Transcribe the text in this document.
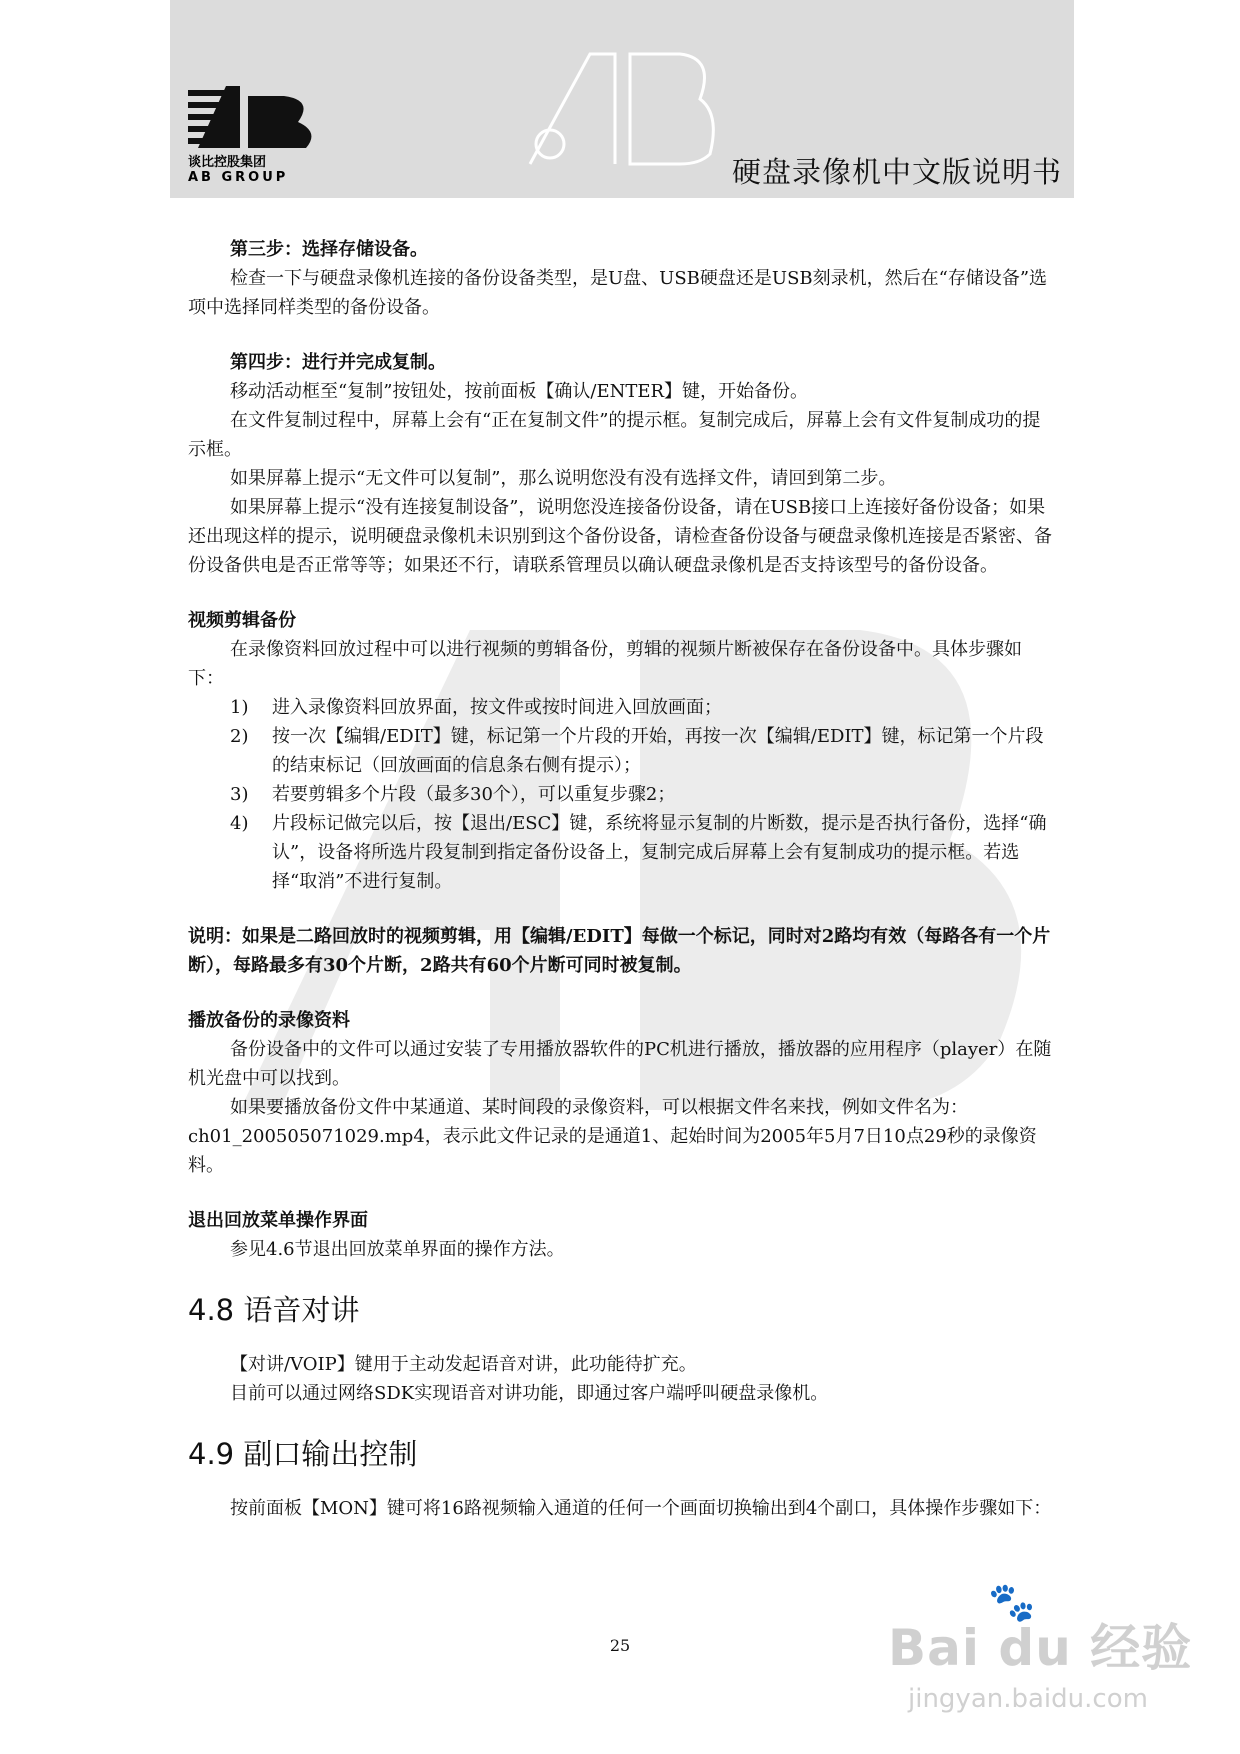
谈比控股集团
AB GROUP	硬盘录像机中文版说明书

第三步：选择存储设备。

检查一下与硬盘录像机连接的备份设备类型，是U盘、USB硬盘还是USB刻录机，然后在“存储设备”选项中选择同样类型的备份设备。

第四步：进行并完成复制。

移动活动框至“复制”按钮处，按前面板【确认/ENTER】键，开始备份。

在文件复制过程中，屏幕上会有“正在复制文件”的提示框。复制完成后，屏幕上会有文件复制成功的提示框。

如果屏幕上提示“无文件可以复制”，那么说明您没有没有选择文件，请回到第二步。

如果屏幕上提示“没有连接复制设备”，说明您没连接备份设备，请在USB接口上连接好备份设备；如果还出现这样的提示，说明硬盘录像机未识别到这个备份设备，请检查备份设备与硬盘录像机连接是否紧密、备份设备供电是否正常等等；如果还不行，请联系管理员以确认硬盘录像机是否支持该型号的备份设备。

视频剪辑备份

在录像资料回放过程中可以进行视频的剪辑备份，剪辑的视频片断被保存在备份设备中。具体步骤如下：

1)	进入录像资料回放界面，按文件或按时间进入回放画面；
2)	按一次【编辑/EDIT】键，标记第一个片段的开始，再按一次【编辑/EDIT】键，标记第一个片段的结束标记（回放画面的信息条右侧有提示）；
3)	若要剪辑多个片段（最多30个），可以重复步骤2；
4)	片段标记做完以后，按【退出/ESC】键，系统将显示复制的片断数，提示是否执行备份，选择“确认”，设备将所选片段复制到指定备份设备上，复制完成后屏幕上会有复制成功的提示框。若选择“取消”不进行复制。

说明：如果是二路回放时的视频剪辑，用【编辑/EDIT】每做一个标记，同时对2路均有效（每路各有一个片断），每路最多有30个片断，2路共有60个片断可同时被复制。

播放备份的录像资料

备份设备中的文件可以通过安装了专用播放器软件的PC机进行播放，播放器的应用程序（player）在随机光盘中可以找到。

如果要播放备份文件中某通道、某时间段的录像资料，可以根据文件名来找，例如文件名为：ch01_200505071029.mp4，表示此文件记录的是通道1、起始时间为2005年5月7日10点29秒的录像资料。

退出回放菜单操作界面

参见4.6节退出回放菜单界面的操作方法。

4.8 语音对讲

【对讲/VOIP】键用于主动发起语音对讲，此功能待扩充。

目前可以通过网络SDK实现语音对讲功能，即通过客户端呼叫硬盘录像机。

4.9 副口输出控制

按前面板【MON】键可将16路视频输入通道的任何一个画面切换输出到4个副口，具体操作步骤如下：

25
🐾
Bai du 经验
jingyan.baidu.com
